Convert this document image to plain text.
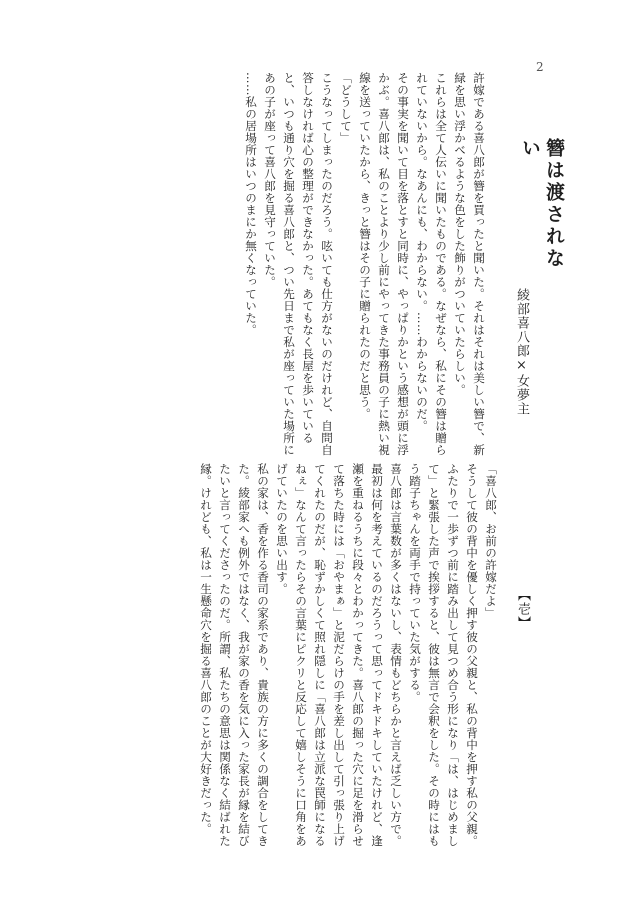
2
簪は渡されない
綾部喜八郎×女夢主
【壱】

許嫁である喜八郎が簪を買ったと聞いた。それはそれは美しい簪で、新緑を思い浮かべるような色をした飾りがついていたらしい。

これらは全て人伝いに聞いたものである。なぜなら、私にその簪は贈られていないから。なあんにも、わからない。……わからないのだ。

その事実を聞いて目を落とすと同時に、やっぱりかという感想が頭に浮かぶ。喜八郎は、私のことより少し前にやってきた事務員の子に熱い視線を送っていたから、きっと簪はその子に贈られたのだと思う。

「どうして」

こうなってしまったのだろう。呟いても仕方がないのだけれど、自問自答しなければ心の整理ができなかった。あてもなく長屋を歩いていると、いつも通り穴を掘る喜八郎と、つい先日まで私が座っていた場所にあの子が座って喜八郎を見守っていた。

……私の居場所はいつのまにか無くなっていた。

「喜八郎、お前の許嫁だよ」

そうして彼の背中を優しく押す彼の父親と、私の背中を押す私の父親。ふたりで一歩ずつ前に踏み出して見つめ合う形になり「は、はじめまして」と緊張した声で挨拶すると、彼は無言で会釈をした。その時にはもう踏子ちゃんを両手で持っていた気がする。

喜八郎は言葉数が多くはないし、表情もどちらかと言えば乏しい方で。最初は何を考えているのだろうって思ってドキドキしていたけれど、逢瀬を重ねるうちに段々とわかってきた。喜八郎の掘った穴に足を滑らせて落ちた時には「おやまぁ」と泥だらけの手を差し出して引っ張り上げてくれたのだが、恥ずかしくて照れ隠しに「喜八郎は立派な罠師になるねぇ」なんて言ったらその言葉にピクリと反応して嬉しそうに口角をあげていたのを思い出す。

私の家は、香を作る香司の家系であり、貴族の方に多くの調合をしてきた。綾部家へも例外ではなく、我が家の香を気に入った家長が縁を結びたいと言ってくださったのだ。所謂、私たちの意思は関係なく結ばれた縁。けれども、私は一生懸命穴を掘る喜八郎のことが大好きだった。
